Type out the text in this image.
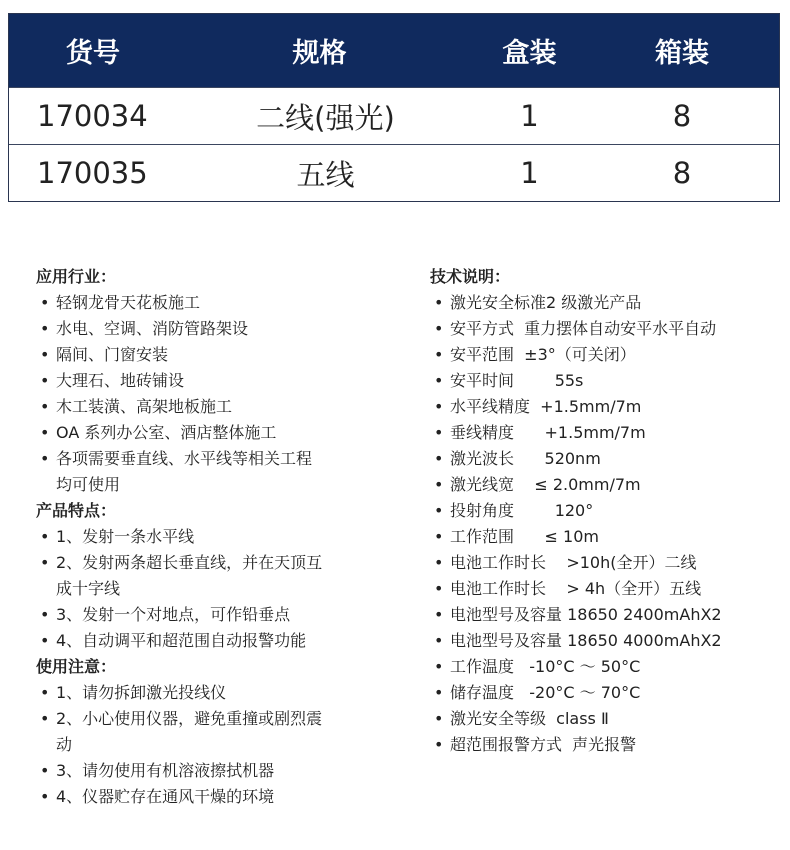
货号	规格	盒装	箱装
170034	二线(强光)	1	8
170035	五线	1	8
应用行业：
• 轻钢龙骨天花板施工
• 水电、空调、消防管路架设
• 隔间、门窗安装
• 大理石、地砖铺设
• 木工装潢、高架地板施工
• OA 系列办公室、酒店整体施工
• 各项需要垂直线、水平线等相关工程
均可使用
产品特点：
• 1、发射一条水平线
• 2、发射两条超长垂直线，并在天顶互
成十字线
• 3、发射一个对地点，可作铅垂点
• 4、自动调平和超范围自动报警功能
使用注意：
• 1、请勿拆卸激光投线仪
• 2、小心使用仪器，避免重撞或剧烈震
动
• 3、请勿使用有机溶液擦拭机器
• 4、仪器贮存在通风干燥的环境
技术说明：
• 激光安全标准2 级激光产品
• 安平方式  重力摆体自动安平水平自动
• 安平范围  ±3°（可关闭）
• 安平时间        55s
• 水平线精度  +1.5mm/7m
• 垂线精度      +1.5mm/7m
• 激光波长      520nm
• 激光线宽    ≤ 2.0mm/7m
• 投射角度        120°
• 工作范围      ≤ 10m
• 电池工作时长    >10h(全开）二线
• 电池工作时长    > 4h（全开）五线
• 电池型号及容量 18650 2400mAhX2
• 电池型号及容量 18650 4000mAhX2
• 工作温度   -10°C ～ 50°C
• 储存温度   -20°C ～ 70°C
• 激光安全等级  class Ⅱ
• 超范围报警方式  声光报警
